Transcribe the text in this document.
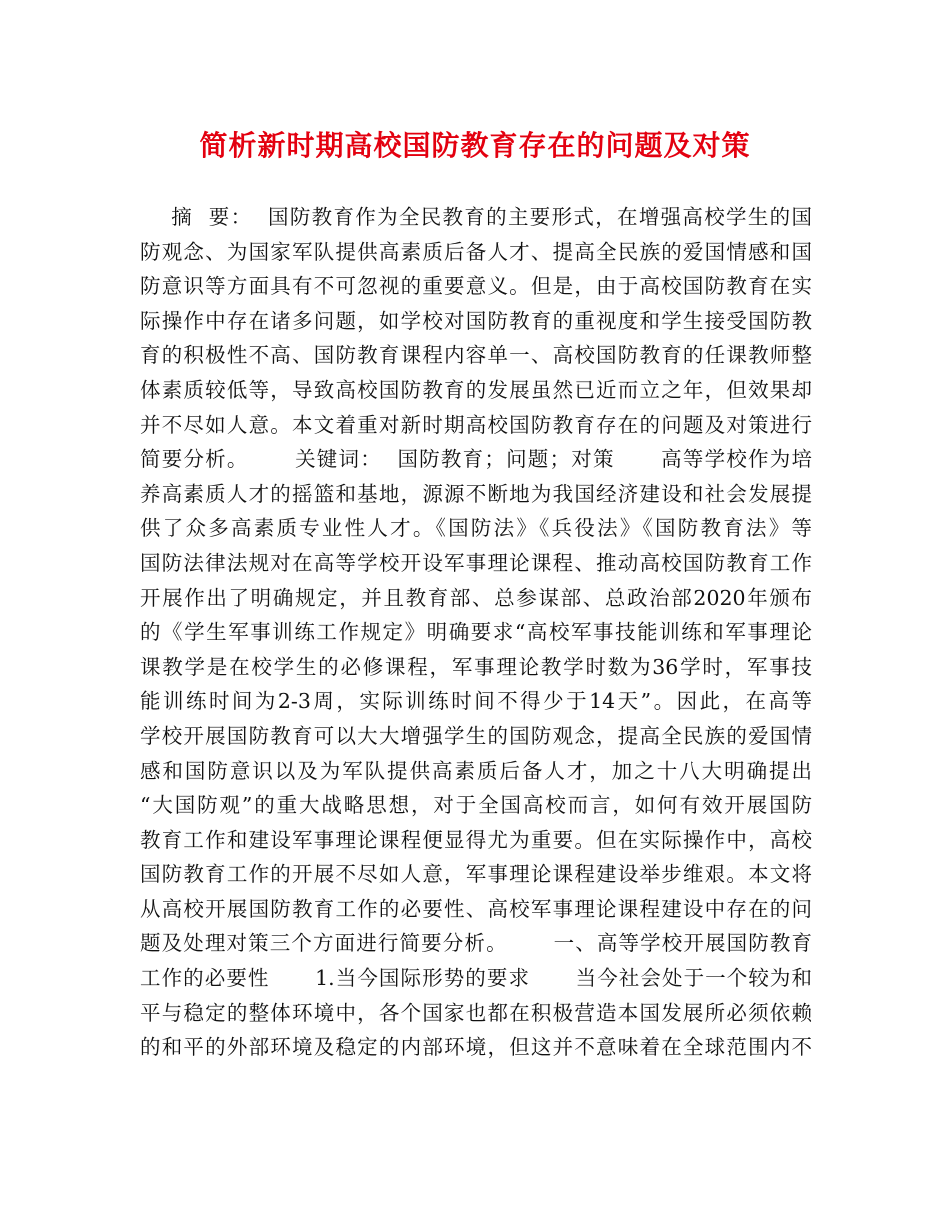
简析新时期高校国防教育存在的问题及对策
摘  要：  国防教育作为全民教育的主要形式，在增强高校学生的国
防观念、为国家军队提供高素质后备人才、提高全民族的爱国情感和国
防意识等方面具有不可忽视的重要意义。但是，由于高校国防教育在实
际操作中存在诸多问题，如学校对国防教育的重视度和学生接受国防教
育的积极性不高、国防教育课程内容单一、高校国防教育的任课教师整
体素质较低等，导致高校国防教育的发展虽然已近而立之年，但效果却
并不尽如人意。本文着重对新时期高校国防教育存在的问题及对策进行
简要分析。      关键词：  国防教育；问题；对策      高等学校作为培
养高素质人才的摇篮和基地，源源不断地为我国经济建设和社会发展提
供了众多高素质专业性人才。《国防法》《兵役法》《国防教育法》等
国防法律法规对在高等学校开设军事理论课程、推动高校国防教育工作
开展作出了明确规定，并且教育部、总参谋部、总政治部2020年颁布
的《学生军事训练工作规定》明确要求“高校军事技能训练和军事理论
课教学是在校学生的必修课程，军事理论教学时数为36学时，军事技
能训练时间为2-3周，实际训练时间不得少于14天”。因此，在高等
学校开展国防教育可以大大增强学生的国防观念，提高全民族的爱国情
感和国防意识以及为军队提供高素质后备人才，加之十八大明确提出
“大国防观”的重大战略思想，对于全国高校而言，如何有效开展国防
教育工作和建设军事理论课程便显得尤为重要。但在实际操作中，高校
国防教育工作的开展不尽如人意，军事理论课程建设举步维艰。本文将
从高校开展国防教育工作的必要性、高校军事理论课程建设中存在的问
题及处理对策三个方面进行简要分析。      一、高等学校开展国防教育
工作的必要性      1.当今国际形势的要求      当今社会处于一个较为和
平与稳定的整体环境中，各个国家也都在积极营造本国发展所必须依赖
的和平的外部环境及稳定的内部环境，但这并不意味着在全球范围内不
